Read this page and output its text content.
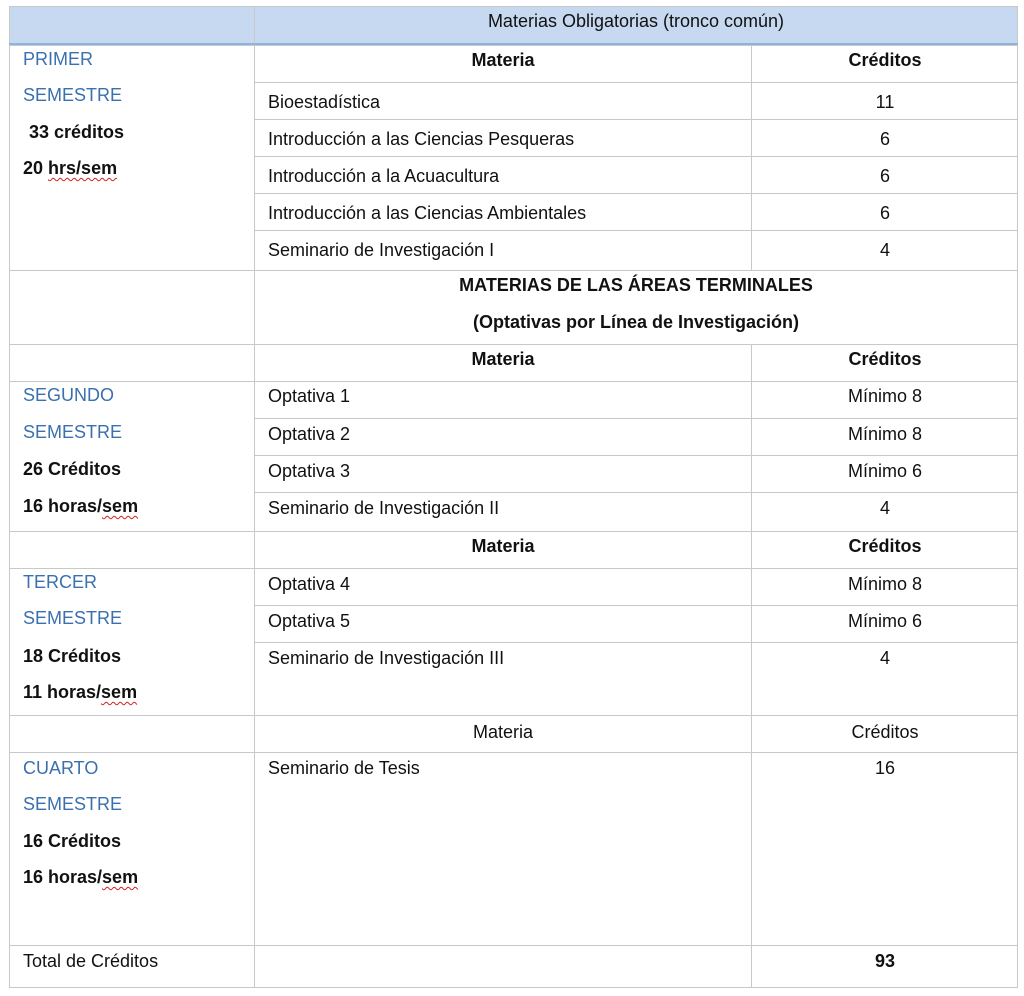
Materias Obligatorias (tronco común)
PRIMER
SEMESTRE
33 créditos
20 hrs/sem
Materia	Créditos
Bioestadística	11
Introducción a las Ciencias Pesqueras	6
Introducción a la Acuacultura	6
Introducción a las Ciencias Ambientales	6
Seminario de Investigación I	4
MATERIAS DE LAS ÁREAS TERMINALES
(Optativas por Línea de Investigación)
Materia	Créditos
SEGUNDO
SEMESTRE
26 Créditos
16 horas/sem
Optativa 1	Mínimo 8
Optativa 2	Mínimo 8
Optativa 3	Mínimo 6
Seminario de Investigación II	4
Materia	Créditos
TERCER
SEMESTRE
18 Créditos
11 horas/sem
Optativa 4	Mínimo 8
Optativa 5	Mínimo 6
Seminario de Investigación III	4
Materia	Créditos
CUARTO
SEMESTRE
16 Créditos
16 horas/sem
Seminario de Tesis	16
Total de Créditos	93
